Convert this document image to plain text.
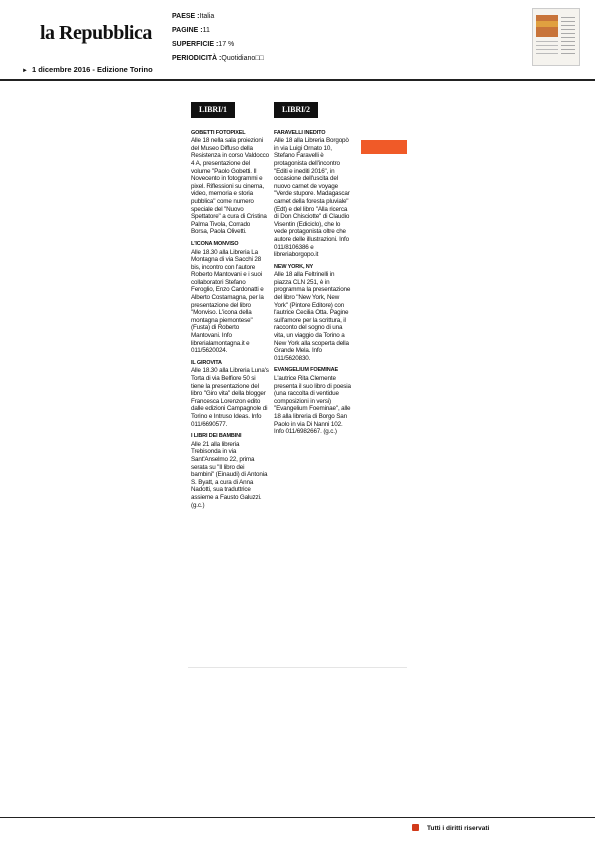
la Repubblica
PAESE :Italia
PAGINE :11
SUPERFICIE :17 %
PERIODICITÀ :Quotidiano□□
► 1 dicembre 2016 - Edizione Torino
LIBRI/1
GOBETTI FOTOPIXEL

Alle 18 nella sala proiezioni del Museo Diffuso della Resistenza in corso Valdocco 4 A, presentazione del volume "Paolo Gobetti. Il Novecento in fotogrammi e pixel. Riflessioni su cinema, video, memoria e storia pubblica" come numero speciale del "Nuovo Spettatore" a cura di Cristina Palma Tivola, Corrado Borsa, Paola Olivetti.

L'ICONA MONVISO

Alle 18.30 alla Libreria La Montagna di via Sacchi 28 bis, incontro con l'autore Roberto Mantovani e i suoi collaboratori Stefano Feroglio, Enzo Cardonatti e Alberto Costamagna, per la presentazione del libro "Monviso. L'icona della montagna piemontese" (Fusta) di Roberto Mantovani. Info librerialamontagna.it e 011/5620024.

IL GIROVITA

Alle 18.30 alla Libreria Luna's Torta di via Belfiore 50 si tiene la presentazione del libro "Giro vita" della blogger Francesca Lorenzon edito dalle edizioni Campagnole di Torino e Intruso Ideas. Info 011/6690577.

I LIBRI DEI BAMBINI

Alle 21 alla libreria Trebisonda in via Sant'Anselmo 22, prima serata su "Il libro dei bambini" (Einaudi) di Antonia S. Byatt, a cura di Anna Nadotti, sua traduttrice assieme a Fausto Galuzzi. (g.c.)

LIBRI/2
FARAVELLI INEDITO

Alle 18 alla Libreria Borgopò in via Luigi Ornato 10, Stefano Faravelli è protagonista dell'incontro "Editi e inediti 2016", in occasione dell'uscita del nuovo carnet de voyage "Verde stupore. Madagascar carnet della foresta pluviale" (Edt) e del libro "Alla ricerca di Don Chisciotte" di Claudio Visentin (Ediciclo), che lo vede protagonista oltre che autore delle illustrazioni. Info 011/8106386 e libreriaborgopo.it

NEW YORK, NY

Alle 18 alla Feltrinelli in piazza CLN 251, è in programma la presentazione del libro "New York, New York" (Pintore Editore) con l'autrice Cecilia Otta. Pagine sull'amore per la scrittura, il racconto del sogno di una vita, un viaggio da Torino a New York alla scoperta della Grande Mela. Info 011/5620830.

EVANGELIUM FOEMINAE

L'autrice Rita Clemente presenta il suo libro di poesia (una raccolta di ventidue composizioni in versi) "Evangelium Foeminae", alle 18 alla libreria di Borgo San Paolo in via Di Nanni 102. Info 011/6982667. (g.c.)

Tutti i diritti riservati
